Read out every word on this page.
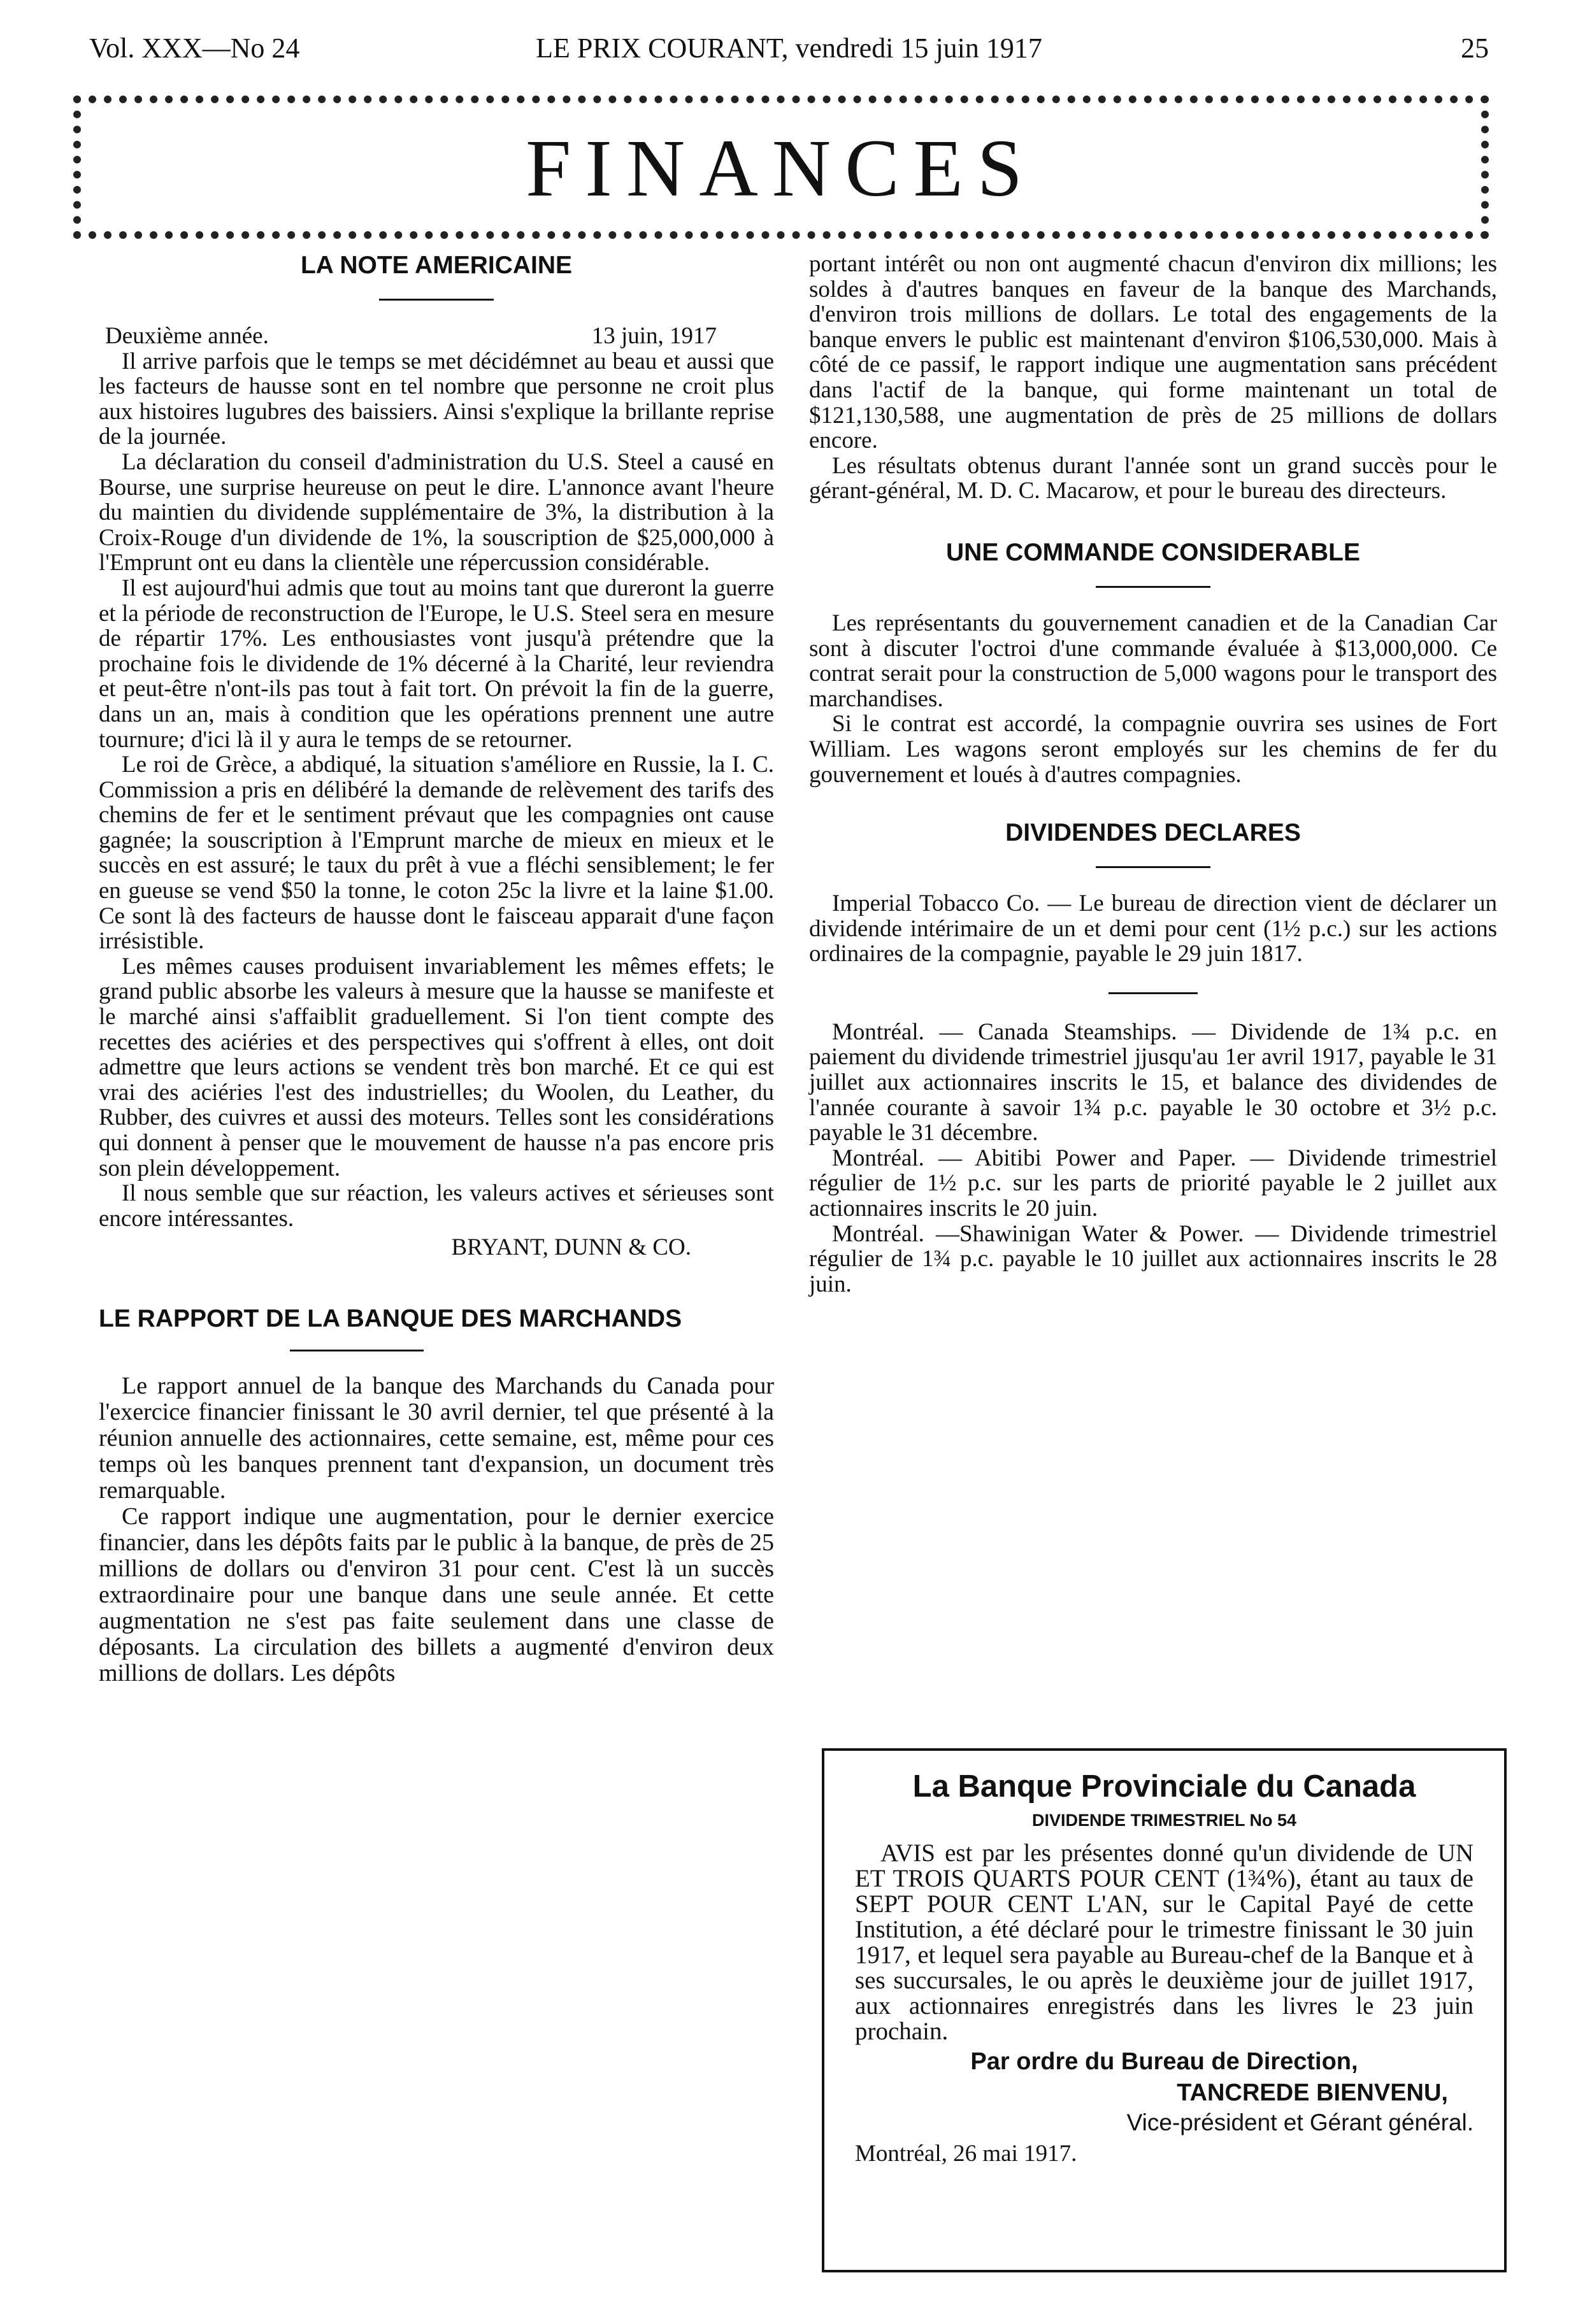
Vol. XXX—No 24	LE PRIX COURANT, vendredi 15 juin 1917	25
FINANCES
LA NOTE AMERICAINE
Deuxième année.	13 juin, 1917

Il arrive parfois que le temps se met décidémnet au beau et aussi que les facteurs de hausse sont en tel nombre que personne ne croit plus aux histoires lugubres des baissiers. Ainsi s'explique la brillante reprise de la journée.

La déclaration du conseil d'administration du U.S. Steel a causé en Bourse, une surprise heureuse on peut le dire. L'annonce avant l'heure du maintien du dividende supplémentaire de 3%, la distribution à la Croix-Rouge d'un dividende de 1%, la souscription de $25,000,000 à l'Emprunt ont eu dans la clientèle une répercussion considérable.

Il est aujourd'hui admis que tout au moins tant que dureront la guerre et la période de reconstruction de l'Europe, le U.S. Steel sera en mesure de répartir 17%. Les enthousiastes vont jusqu'à prétendre que la prochaine fois le dividende de 1% décerné à la Charité, leur reviendra et peut-être n'ont-ils pas tout à fait tort. On prévoit la fin de la guerre, dans un an, mais à condition que les opérations prennent une autre tournure; d'ici là il y aura le temps de se retourner.

Le roi de Grèce, a abdiqué, la situation s'améliore en Russie, la I. C. Commission a pris en délibéré la demande de relèvement des tarifs des chemins de fer et le sentiment prévaut que les compagnies ont cause gagnée; la souscription à l'Emprunt marche de mieux en mieux et le succès en est assuré; le taux du prêt à vue a fléchi sensiblement; le fer en gueuse se vend $50 la tonne, le coton 25c la livre et la laine $1.00. Ce sont là des facteurs de hausse dont le faisceau apparait d'une façon irrésistible.

Les mêmes causes produisent invariablement les mêmes effets; le grand public absorbe les valeurs à mesure que la hausse se manifeste et le marché ainsi s'affaiblit graduellement. Si l'on tient compte des recettes des aciéries et des perspectives qui s'offrent à elles, ont doit admettre que leurs actions se vendent très bon marché. Et ce qui est vrai des aciéries l'est des industrielles; du Woolen, du Leather, du Rubber, des cuivres et aussi des moteurs. Telles sont les considérations qui donnent à penser que le mouvement de hausse n'a pas encore pris son plein développement.

Il nous semble que sur réaction, les valeurs actives et sérieuses sont encore intéressantes.

BRYANT, DUNN & CO.
LE RAPPORT DE LA BANQUE DES MARCHANDS

Le rapport annuel de la banque des Marchands du Canada pour l'exercice financier finissant le 30 avril dernier, tel que présenté à la réunion annuelle des actionnaires, cette semaine, est, même pour ces temps où les banques prennent tant d'expansion, un document très remarquable.

Ce rapport indique une augmentation, pour le dernier exercice financier, dans les dépôts faits par le public à la banque, de près de 25 millions de dollars ou d'environ 31 pour cent. C'est là un succès extraordinaire pour une banque dans une seule année. Et cette augmentation ne s'est pas faite seulement dans une classe de déposants. La circulation des billets a augmenté d'environ deux millions de dollars. Les dépôts

portant intérêt ou non ont augmenté chacun d'environ dix millions; les soldes à d'autres banques en faveur de la banque des Marchands, d'environ trois millions de dollars. Le total des engagements de la banque envers le public est maintenant d'environ $106,530,000. Mais à côté de ce passif, le rapport indique une augmentation sans précédent dans l'actif de la banque, qui forme maintenant un total de $121,130,588, une augmentation de près de 25 millions de dollars encore.

Les résultats obtenus durant l'année sont un grand succès pour le gérant-général, M. D. C. Macarow, et pour le bureau des directeurs.

UNE COMMANDE CONSIDERABLE

Les représentants du gouvernement canadien et de la Canadian Car sont à discuter l'octroi d'une commande évaluée à $13,000,000. Ce contrat serait pour la construction de 5,000 wagons pour le transport des marchandises.

Si le contrat est accordé, la compagnie ouvrira ses usines de Fort William. Les wagons seront employés sur les chemins de fer du gouvernement et loués à d'autres compagnies.

DIVIDENDES DECLARES

Imperial Tobacco Co. — Le bureau de direction vient de déclarer un dividende intérimaire de un et demi pour cent (1½ p.c.) sur les actions ordinaires de la compagnie, payable le 29 juin 1817.

Montréal. — Canada Steamships. — Dividende de 1¾ p.c. en paiement du dividende trimestriel jjusqu'au 1er avril 1917, payable le 31 juillet aux actionnaires inscrits le 15, et balance des dividendes de l'année courante à savoir 1¾ p.c. payable le 30 octobre et 3½ p.c. payable le 31 décembre.

Montréal. — Abitibi Power and Paper. — Dividende trimestriel régulier de 1½ p.c. sur les parts de priorité payable le 2 juillet aux actionnaires inscrits le 20 juin.

Montréal. —Shawinigan Water & Power. — Dividende trimestriel régulier de 1¾ p.c. payable le 10 juillet aux actionnaires inscrits le 28 juin.

La Banque Provinciale du Canada
DIVIDENDE TRIMESTRIEL No 54

AVIS est par les présentes donné qu'un dividende de UN ET TROIS QUARTS POUR CENT (1¾%), étant au taux de SEPT POUR CENT L'AN, sur le Capital Payé de cette Institution, a été déclaré pour le trimestre finissant le 30 juin 1917, et lequel sera payable au Bureau-chef de la Banque et à ses succursales, le ou après le deuxième jour de juillet 1917, aux actionnaires enregistrés dans les livres le 23 juin prochain.

Par ordre du Bureau de Direction,
TANCREDE BIENVENU,
Vice-président et Gérant général.
Montréal, 26 mai 1917.
